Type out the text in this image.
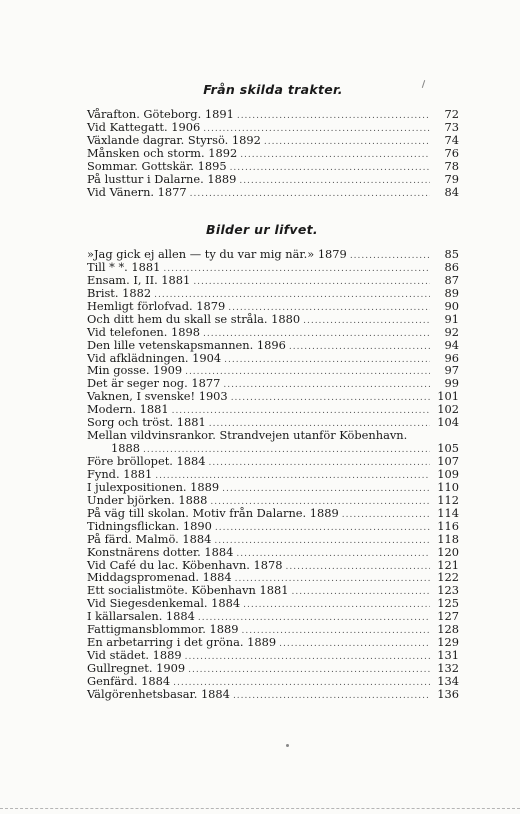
Från skilda trakter.
Vårafton. Göteborg. 1891 .....	72
Vid Kattegatt. 1906 .....	73
Växlande dagrar. Styrsö. 1892 .....	74
Månsken och storm. 1892 .....	76
Sommar. Gottskär. 1895 .....	78
På lusttur i Dalarne. 1889 .....	79
Vid Vänern. 1877 .....	84
Bilder ur lifvet.
»Jag gick ej allen — ty du var mig när.» 1879 .....	85
Till * *. 1881 .....	86
Ensam. I, II. 1881 .....	87
Brist. 1882 .....	89
Hemligt förlofvad. 1879 .....	90
Och ditt hem du skall se stråla. 1880 .....	91
Vid telefonen. 1898 .....	92
Den lille vetenskapsmannen. 1896 .....	94
Vid afklädningen. 1904 .....	96
Min gosse. 1909 .....	97
Det är seger nog. 1877 .....	99
Vaknen, I svenske! 1903 .....	101
Modern. 1881 .....	102
Sorg och tröst. 1881 .....	104
Mellan vildvinsrankor. Strandvejen utanför Köbenhavn.
1888 .....	105
Före bröllopet. 1884 .....	107
Fynd. 1881 .....	109
I julexpositionen. 1889 .....	110
Under björken. 1888 .....	112
På väg till skolan. Motiv från Dalarne. 1889 .....	114
Tidningsflickan. 1890 .....	116
På färd. Malmö. 1884 .....	118
Konstnärens dotter. 1884 .....	120
Vid Café du lac. Köbenhavn. 1878 .....	121
Middagspromenad. 1884 .....	122
Ett socialistmöte. Köbenhavn 1881 .....	123
Vid Siegesdenkemal. 1884 .....	125
I källarsalen. 1884 .....	127
Fattigmansblommor. 1889 .....	128
En arbetarring i det gröna. 1889 .....	129
Vid städet. 1889 .....	131
Gullregnet. 1909 .....	132
Genfärd. 1884 .....	134
Välgörenhetsbasar. 1884 .....	136
